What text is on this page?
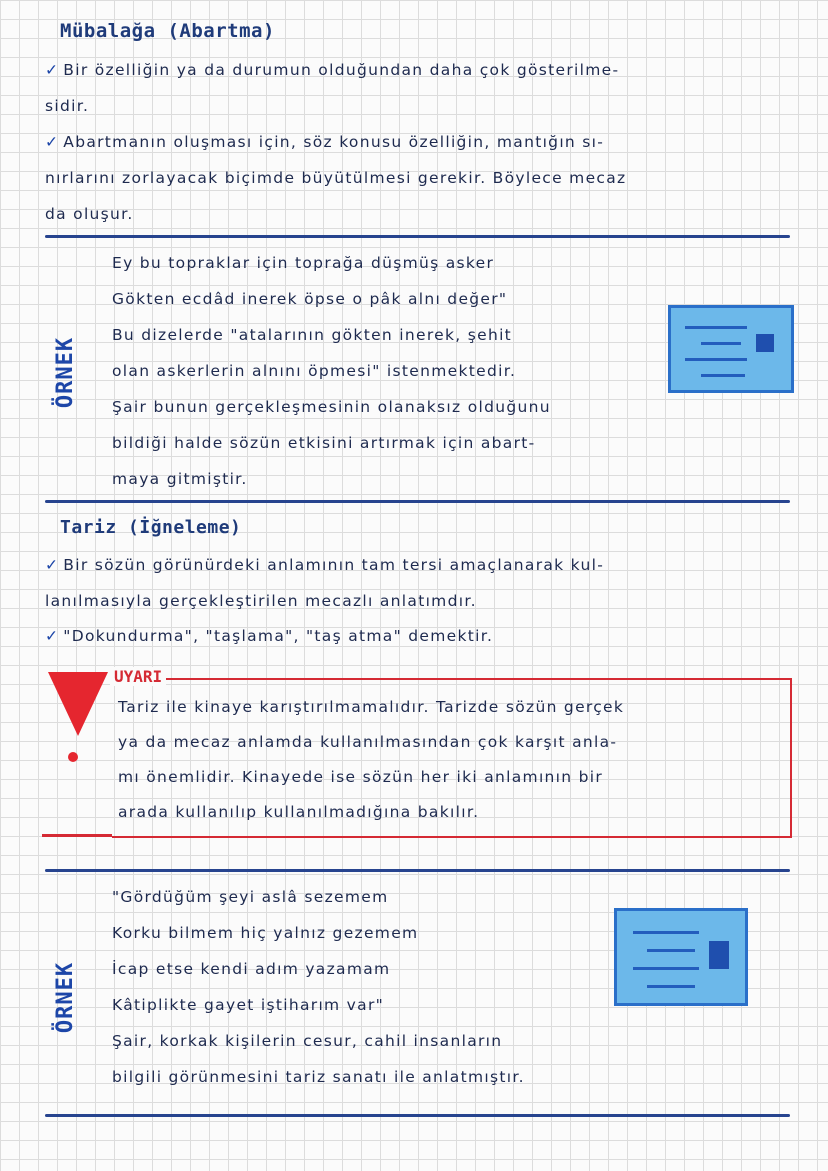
Mübalağa (Abartma)
✓ Bir özelliğin ya da durumun olduğundan daha çok gösterilme-
sidir.
✓ Abartmanın oluşması için, söz konusu özelliğin, mantığın sı-
nırlarını zorlayacak biçimde büyütülmesi gerekir. Böylece mecaz
da oluşur.
ÖRNEK
Ey bu topraklar için toprağa düşmüş asker
Gökten ecdâd inerek öpse o pâk alnı değer"
Bu dizelerde "atalarının gökten inerek, şehit
olan askerlerin alnını öpmesi" istenmektedir.
Şair bunun gerçekleşmesinin olanaksız olduğunu
bildiği halde sözün etkisini artırmak için abart-
maya gitmiştir.
Tariz (İğneleme)
✓ Bir sözün görünürdeki anlamının tam tersi amaçlanarak kul-
lanılmasıyla gerçekleştirilen mecazlı anlatımdır.
✓ "Dokundurma", "taşlama", "taş atma" demektir.
UYARI
Tariz ile kinaye karıştırılmamalıdır. Tarizde sözün gerçek
ya da mecaz anlamda kullanılmasından çok karşıt anla-
mı önemlidir. Kinayede ise sözün her iki anlamının bir
arada kullanılıp kullanılmadığına bakılır.
ÖRNEK
"Gördüğüm şeyi aslâ sezemem
Korku bilmem hiç yalnız gezemem
İcap etse kendi adım yazamam
Kâtiplikte gayet iştiharım var"
Şair, korkak kişilerin cesur, cahil insanların
bilgili görünmesini tariz sanatı ile anlatmıştır.
